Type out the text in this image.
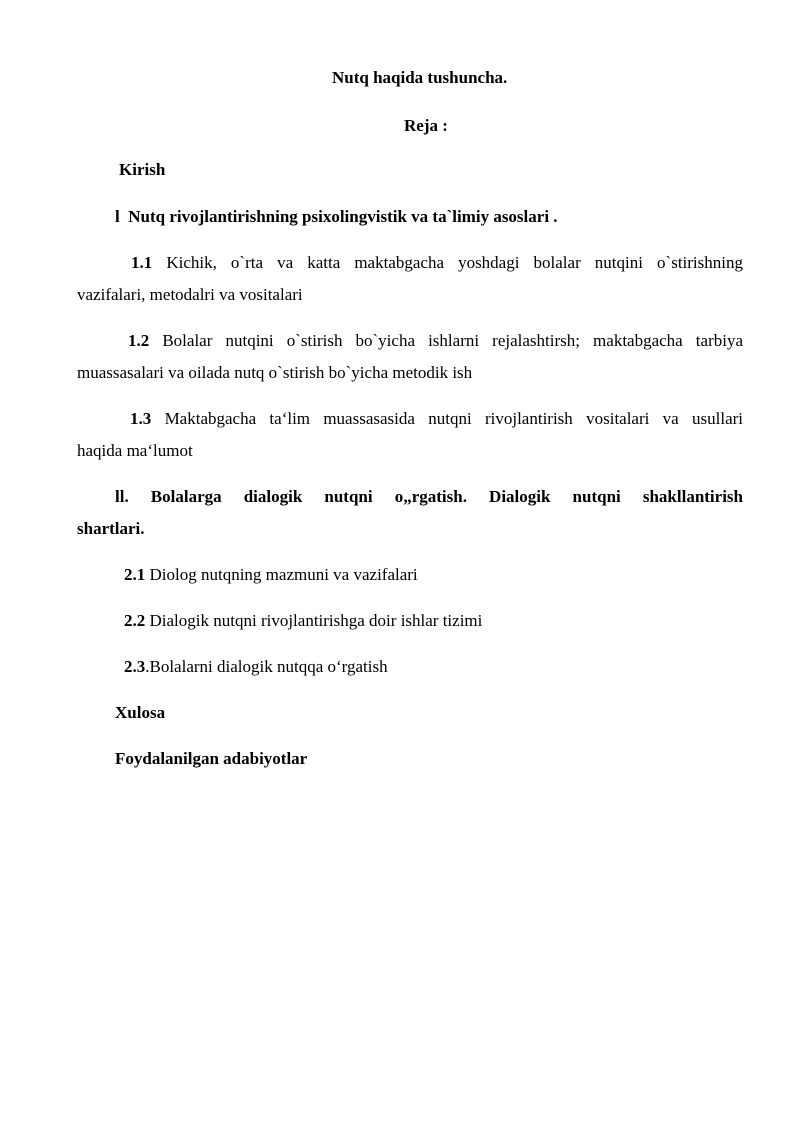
Nutq haqida tushuncha.
Reja :
Kirish
l Nutq rivojlantirishning psixolingvistik va ta`limiy asoslari .
1.1 Kichik, o`rta va katta maktabgacha yoshdagi bolalar nutqini o`stirishning
vazifalari, metodalri va vositalari
1.2 Bolalar nutqini o`stirish bo`yicha ishlarni rejalashtirsh; maktabgacha tarbiya
muassasalari va oilada nutq o`stirish bo`yicha metodik ish
1.3 Maktabgacha ta‘lim muassasasida nutqni rivojlantirish vositalari va usullari
haqida ma‘lumot
ll. Bolalarga dialogik nutqni o„rgatish. Dialogik nutqni shakllantirish
shartlari.
2.1 Diolog nutqning mazmuni va vazifalari
2.2 Dialogik nutqni rivojlantirishga doir ishlar tizimi
2.3.Bolalarni dialogik nutqqa o‘rgatish
Xulosa
Foydalanilgan adabiyotlar
